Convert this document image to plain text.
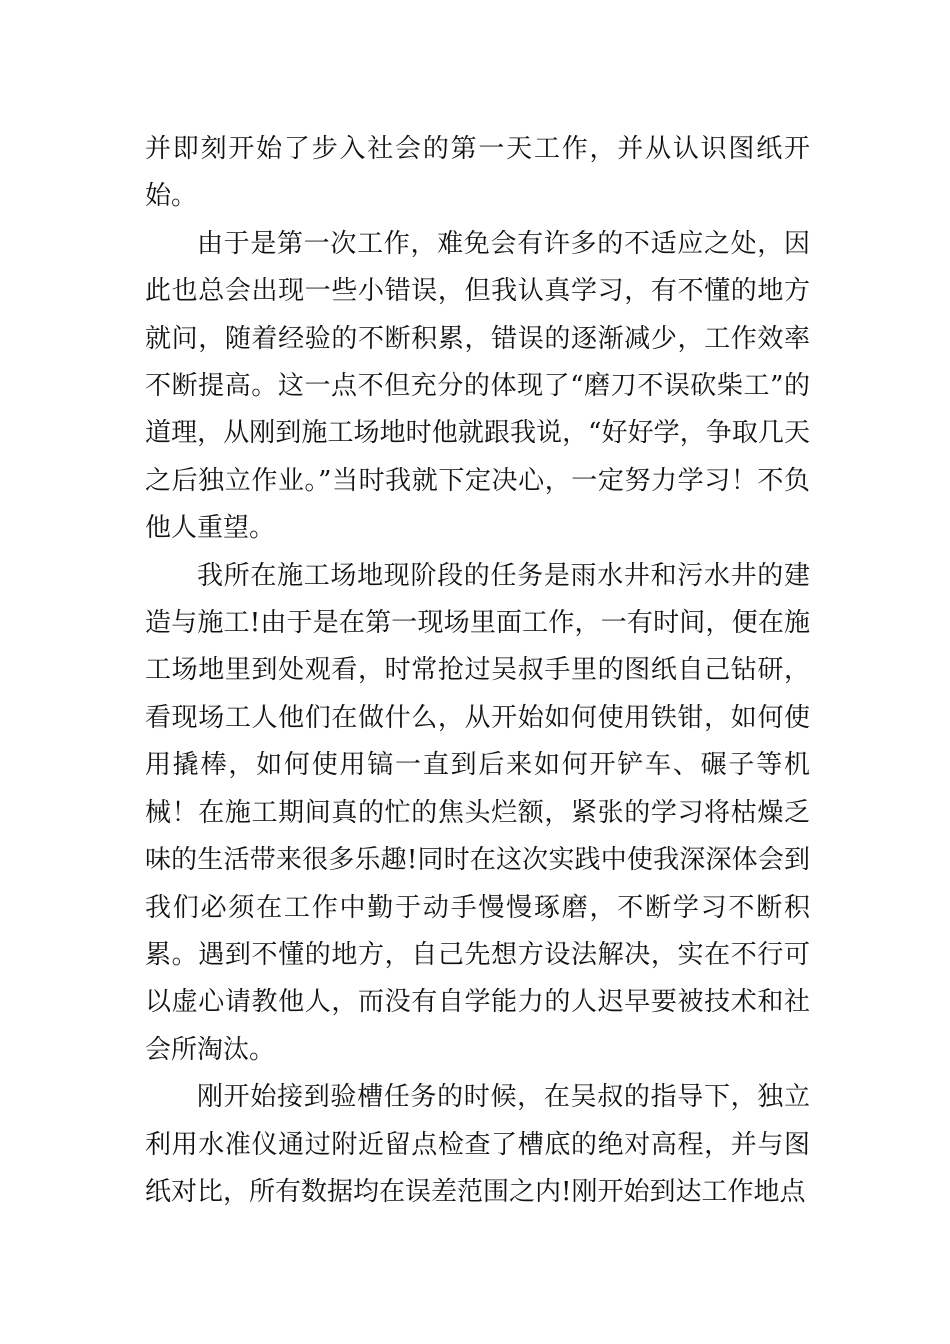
并即刻开始了步入社会的第一天工作，并从认识图纸开始。

由于是第一次工作，难免会有许多的不适应之处，因此也总会出现一些小错误，但我认真学习，有不懂的地方就问，随着经验的不断积累，错误的逐渐减少，工作效率不断提高。这一点不但充分的体现了“磨刀不误砍柴工”的道理，从刚到施工场地时他就跟我说，“好好学，争取几天之后独立作业。”当时我就下定决心，一定努力学习！不负他人重望。

我所在施工场地现阶段的任务是雨水井和污水井的建造与施工!由于是在第一现场里面工作，一有时间，便在施工场地里到处观看，时常抢过吴叔手里的图纸自己钻研，看现场工人他们在做什么，从开始如何使用铁钳，如何使用撬棒，如何使用镐一直到后来如何开铲车、碾子等机械！在施工期间真的忙的焦头烂额，紧张的学习将枯燥乏味的生活带来很多乐趣!同时在这次实践中使我深深体会到我们必须在工作中勤于动手慢慢琢磨，不断学习不断积累。遇到不懂的地方，自己先想方设法解决，实在不行可以虚心请教他人，而没有自学能力的人迟早要被技术和社会所淘汰。

刚开始接到验槽任务的时候，在吴叔的指导下，独立利用水准仪通过附近留点检查了槽底的绝对高程，并与图纸对比，所有数据均在误差范围之内!刚开始到达工作地点
